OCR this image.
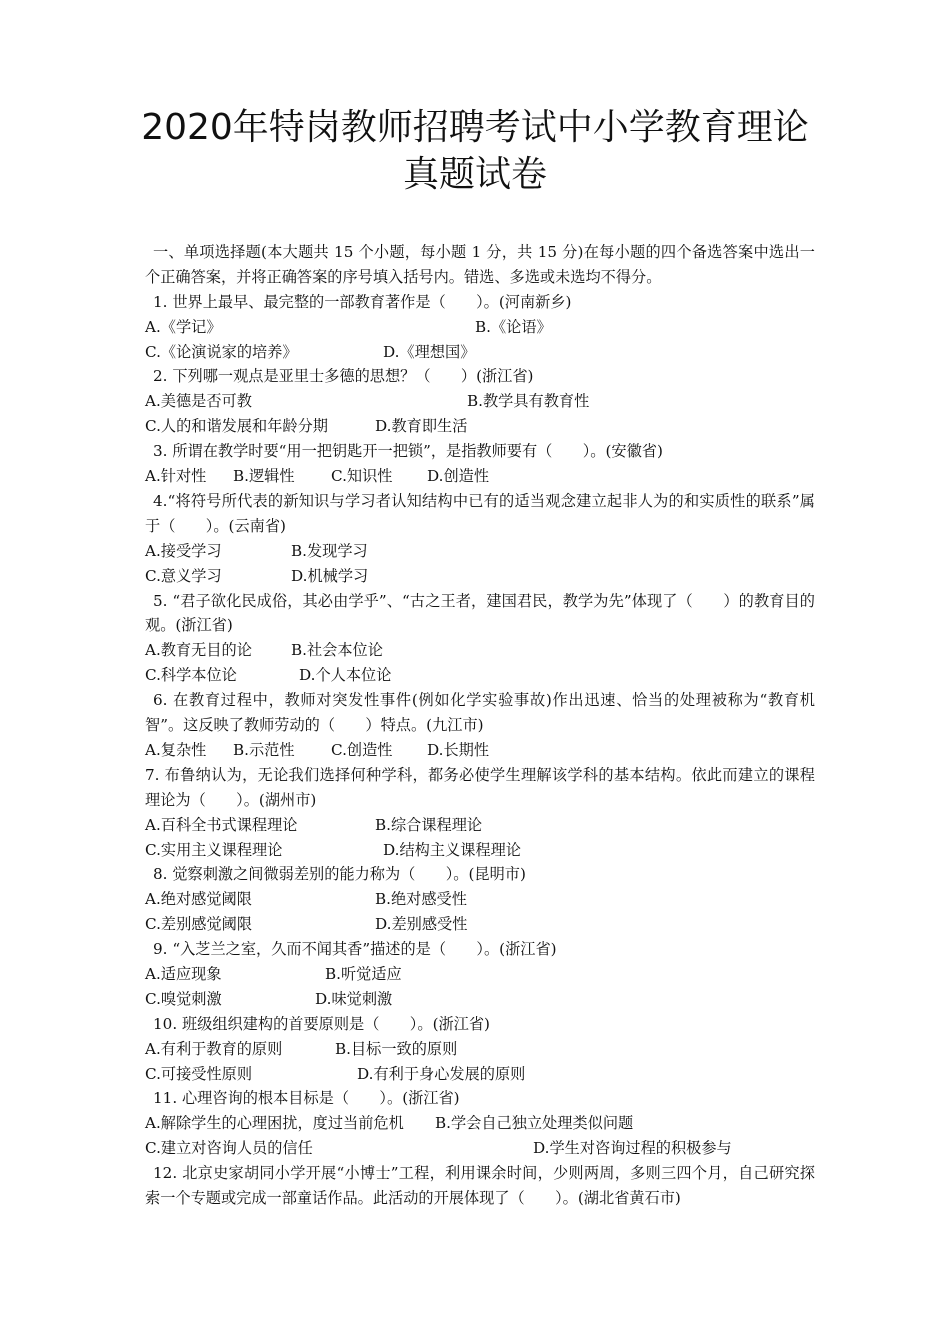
2020年特岗教师招聘考试中小学教育理论
真题试卷
一、单项选择题(本大题共 15 个小题，每小题 1 分，共 15 分)在每小题的四个备选答案中选出一个正确答案，并将正确答案的序号填入括号内。错选、多选或未选均不得分。
1. 世界上最早、最完整的一部教育著作是（　　）。(河南新乡)
A.《学记》	B.《论语》
C.《论演说家的培养》	D.《理想国》
2. 下列哪一观点是亚里士多德的思想？（　　）(浙江省)
A.美德是否可教	B.教学具有教育性
C.人的和谐发展和年龄分期	D.教育即生活
3. 所谓在教学时要“用一把钥匙开一把锁”，是指教师要有（　　）。(安徽省)
A.针对性 B.逻辑性 C.知识性 D.创造性
4.“将符号所代表的新知识与学习者认知结构中已有的适当观念建立起非人为的和实质性的联系”属于（　　）。(云南省)
A.接受学习	B.发现学习
C.意义学习	D.机械学习
5. “君子欲化民成俗，其必由学乎”、“古之王者，建国君民，教学为先”体现了（　　）的教育目的观。(浙江省)
A.教育无目的论	B.社会本位论
C.科学本位论	D.个人本位论
6. 在教育过程中，教师对突发性事件(例如化学实验事故)作出迅速、恰当的处理被称为“教育机智”。这反映了教师劳动的（　　）特点。(九江市)
A.复杂性 B.示范性 C.创造性 D.长期性
7. 布鲁纳认为，无论我们选择何种学科，都务必使学生理解该学科的基本结构。依此而建立的课程理论为（　　）。(湖州市)
A.百科全书式课程理论	B.综合课程理论
C.实用主义课程理论	D.结构主义课程理论
8. 觉察刺激之间微弱差别的能力称为（　　）。(昆明市)
A.绝对感觉阈限	B.绝对感受性
C.差别感觉阈限	D.差别感受性
9. “入芝兰之室，久而不闻其香”描述的是（　　）。(浙江省)
A.适应现象	B.听觉适应
C.嗅觉刺激	D.味觉刺激
10. 班级组织建构的首要原则是（　　）。(浙江省)
A.有利于教育的原则	B.目标一致的原则
C.可接受性原则	D.有利于身心发展的原则
11. 心理咨询的根本目标是（　　）。(浙江省)
A.解除学生的心理困扰，度过当前危机 B.学会自己独立处理类似问题
C.建立对咨询人员的信任	D.学生对咨询过程的积极参与
12. 北京史家胡同小学开展“小博士”工程，利用课余时间，少则两周，多则三四个月，自己研究探索一个专题或完成一部童话作品。此活动的开展体现了（　　）。(湖北省黄石市)
